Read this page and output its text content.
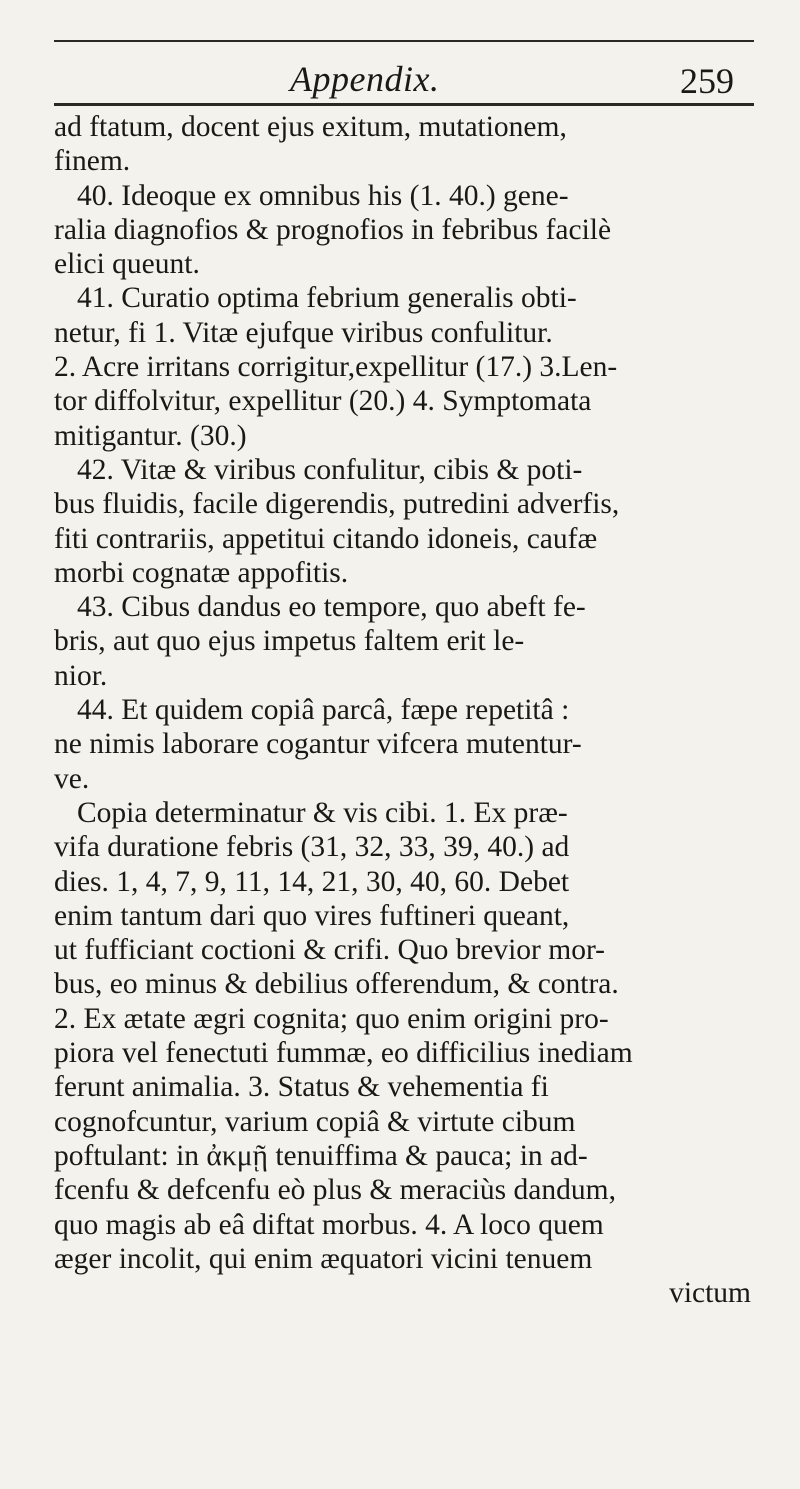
Appendix.	259
ad ftatum, docent ejus exitum, mutationem,
finem.
40. Ideoque ex omnibus his (1. 40.) gene-
ralia diagnofios & prognofios in febribus facilè
elici queunt.
41. Curatio optima febrium generalis obti-
netur, fi 1. Vitæ ejufque viribus confulitur.
2. Acre irritans corrigitur,expellitur (17.) 3.Len-
tor diffolvitur, expellitur (20.) 4. Symptomata
mitigantur. (30.)
42. Vitæ & viribus confulitur, cibis & poti-
bus fluidis, facile digerendis, putredini adverfis,
fiti contrariis, appetitui citando idoneis, caufæ
morbi cognatæ appofitis.
43. Cibus dandus eo tempore, quo abeft fe-
bris, aut quo ejus impetus faltem erit le-
nior.
44. Et quidem copiâ parcâ, fæpe repetitâ :
ne nimis laborare cogantur vifcera mutentur-
ve.
Copia determinatur & vis cibi. 1. Ex præ-
vifa duratione febris (31, 32, 33, 39, 40.) ad
dies. 1, 4, 7, 9, 11, 14, 21, 30, 40, 60. Debet
enim tantum dari quo vires fuftineri queant,
ut fufficiant coctioni & crifi. Quo brevior mor-
bus, eo minus & debilius offerendum, & contra.
2. Ex ætate ægri cognita; quo enim origini pro-
piora vel fenectuti fummæ, eo difficilius inediam
ferunt animalia. 3. Status & vehementia fi
cognofcuntur, varium copiâ & virtute cibum
poftulant: in ἀκμῇ tenuiffima & pauca; in ad-
fcenfu & defcenfu eò plus & meraciùs dandum,
quo magis ab eâ diftat morbus. 4. A loco quem
æger incolit, qui enim æquatori vicini tenuem
victum
